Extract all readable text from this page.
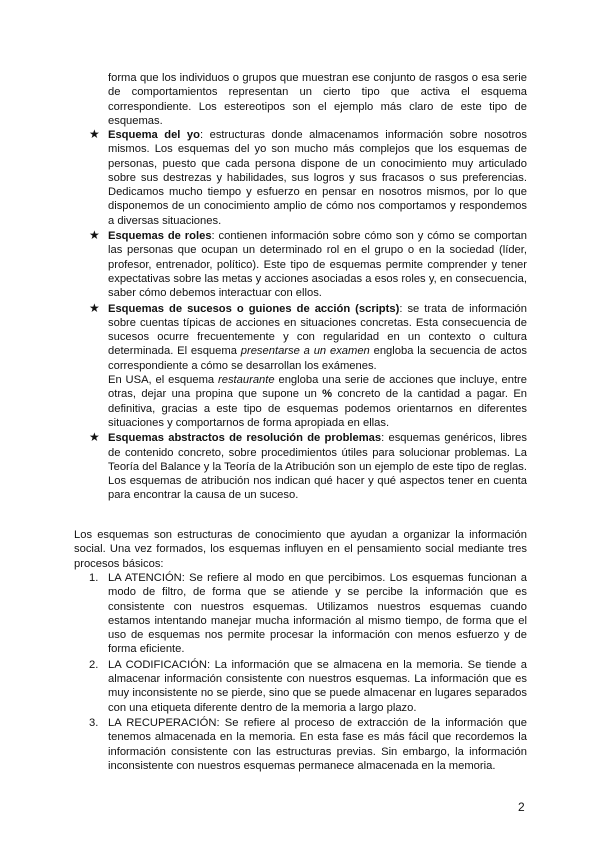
forma que los individuos o grupos que muestran ese conjunto de rasgos o esa serie de comportamientos representan un cierto tipo que activa el esquema correspondiente. Los estereotipos son el ejemplo más claro de este tipo de esquemas.

★ Esquema del yo: estructuras donde almacenamos información sobre nosotros mismos. Los esquemas del yo son mucho más complejos que los esquemas de personas, puesto que cada persona dispone de un conocimiento muy articulado sobre sus destrezas y habilidades, sus logros y sus fracasos o sus preferencias. Dedicamos mucho tiempo y esfuerzo en pensar en nosotros mismos, por lo que disponemos de un conocimiento amplio de cómo nos comportamos y respondemos a diversas situaciones.
★ Esquemas de roles: contienen información sobre cómo son y cómo se comportan las personas que ocupan un determinado rol en el grupo o en la sociedad (líder, profesor, entrenador, político). Este tipo de esquemas permite comprender y tener expectativas sobre las metas y acciones asociadas a esos roles y, en consecuencia, saber cómo debemos interactuar con ellos.
★ Esquemas de sucesos o guiones de acción (scripts): se trata de información sobre cuentas típicas de acciones en situaciones concretas. Esta consecuencia de sucesos ocurre frecuentemente y con regularidad en un contexto o cultura determinada. El esquema presentarse a un examen engloba la secuencia de actos correspondiente a cómo se desarrollan los exámenes.
En USA, el esquema restaurante engloba una serie de acciones que incluye, entre otras, dejar una propina que supone un % concreto de la cantidad a pagar. En definitiva, gracias a este tipo de esquemas podemos orientarnos en diferentes situaciones y comportarnos de forma apropiada en ellas.
★ Esquemas abstractos de resolución de problemas: esquemas genéricos, libres de contenido concreto, sobre procedimientos útiles para solucionar problemas. La Teoría del Balance y la Teoría de la Atribución son un ejemplo de este tipo de reglas. Los esquemas de atribución nos indican qué hacer y qué aspectos tener en cuenta para encontrar la causa de un suceso.

Los esquemas son estructuras de conocimiento que ayudan a organizar la información social. Una vez formados, los esquemas influyen en el pensamiento social mediante tres procesos básicos:

1. LA ATENCIÓN: Se refiere al modo en que percibimos. Los esquemas funcionan a modo de filtro, de forma que se atiende y se percibe la información que es consistente con nuestros esquemas. Utilizamos nuestros esquemas cuando estamos intentando manejar mucha información al mismo tiempo, de forma que el uso de esquemas nos permite procesar la información con menos esfuerzo y de forma eficiente.
2. LA CODIFICACIÓN: La información que se almacena en la memoria. Se tiende a almacenar información consistente con nuestros esquemas. La información que es muy inconsistente no se pierde, sino que se puede almacenar en lugares separados con una etiqueta diferente dentro de la memoria a largo plazo.
3. LA RECUPERACIÓN: Se refiere al proceso de extracción de la información que tenemos almacenada en la memoria. En esta fase es más fácil que recordemos la información consistente con las estructuras previas. Sin embargo, la información inconsistente con nuestros esquemas permanece almacenada en la memoria.
2
